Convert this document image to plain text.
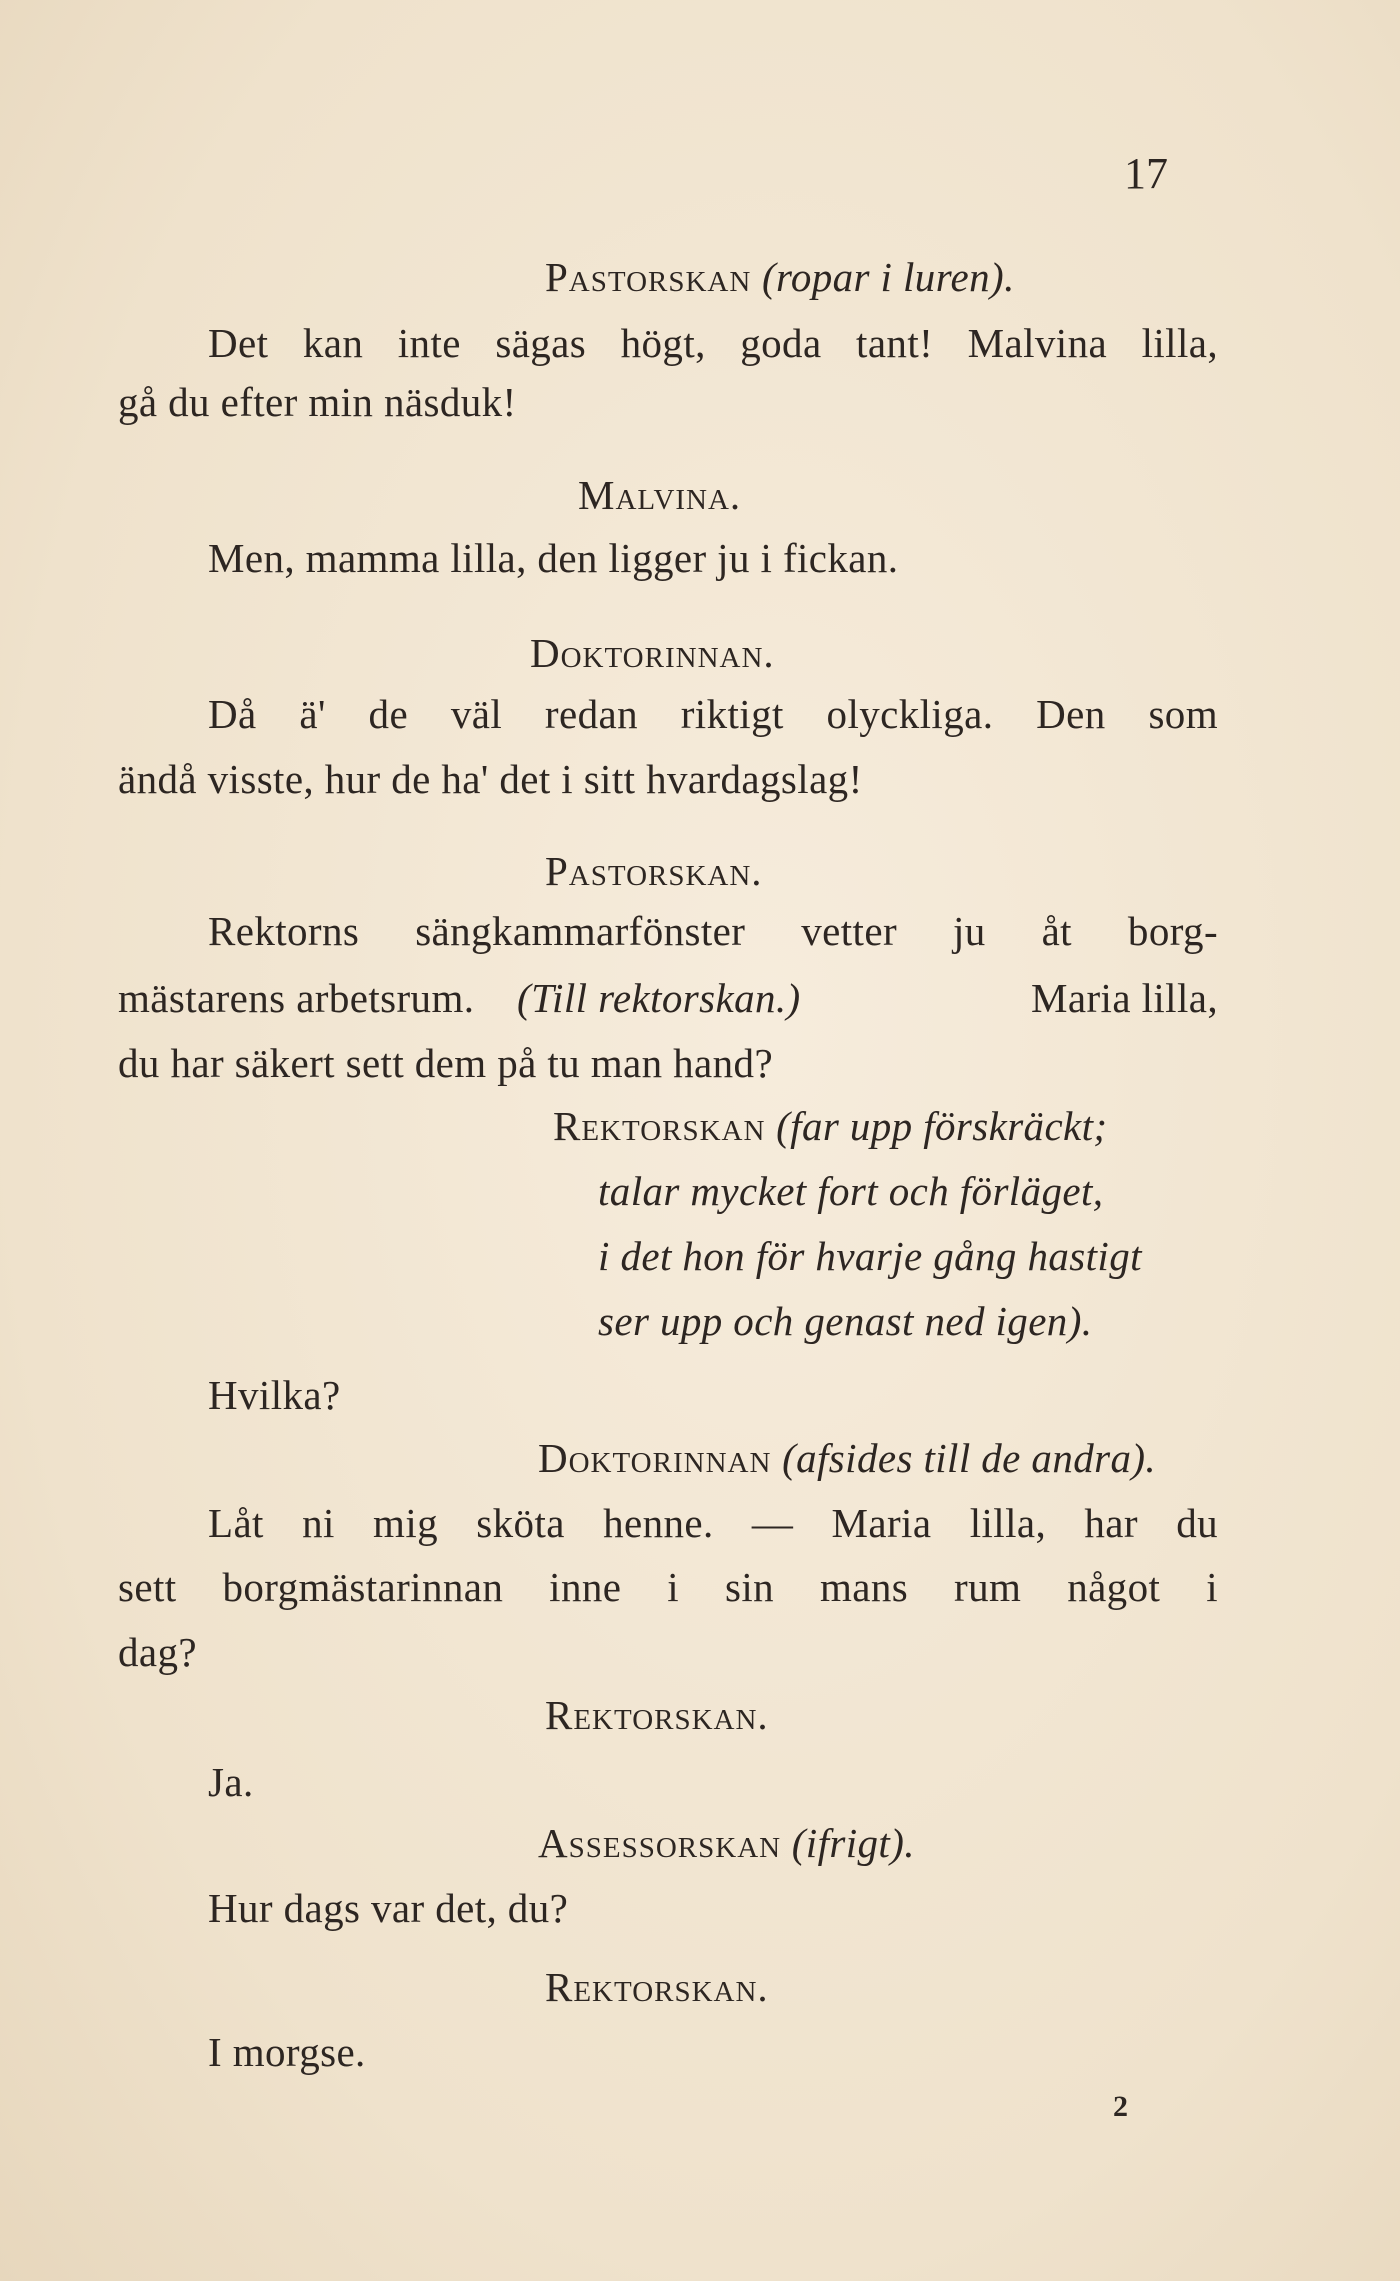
17
Pastorskan (ropar i luren).
Det kan inte sägas högt, goda tant! Malvina lilla,
gå du efter min näsduk!
Malvina.
Men, mamma lilla, den ligger ju i fickan.
Doktorinnan.
Då ä' de väl redan riktigt olyckliga. Den som
ändå visste, hur de ha' det i sitt hvardagslag!
Pastorskan.
Rektorns sängkammarfönster vetter ju åt borg-
mästarens arbetsrum. (Till rektorskan.)	Maria lilla,
du har säkert sett dem på tu man hand?
Rektorskan (far upp förskräckt;
talar mycket fort och förläget,
i det hon för hvarje gång hastigt
ser upp och genast ned igen).
Hvilka?
Doktorinnan (afsides till de andra).
Låt ni mig sköta henne. — Maria lilla, har du
sett borgmästarinnan inne i sin mans rum något i
dag?
Rektorskan.
Ja.
Assessorskan (ifrigt).
Hur dags var det, du?
Rektorskan.
I morgse.
2
